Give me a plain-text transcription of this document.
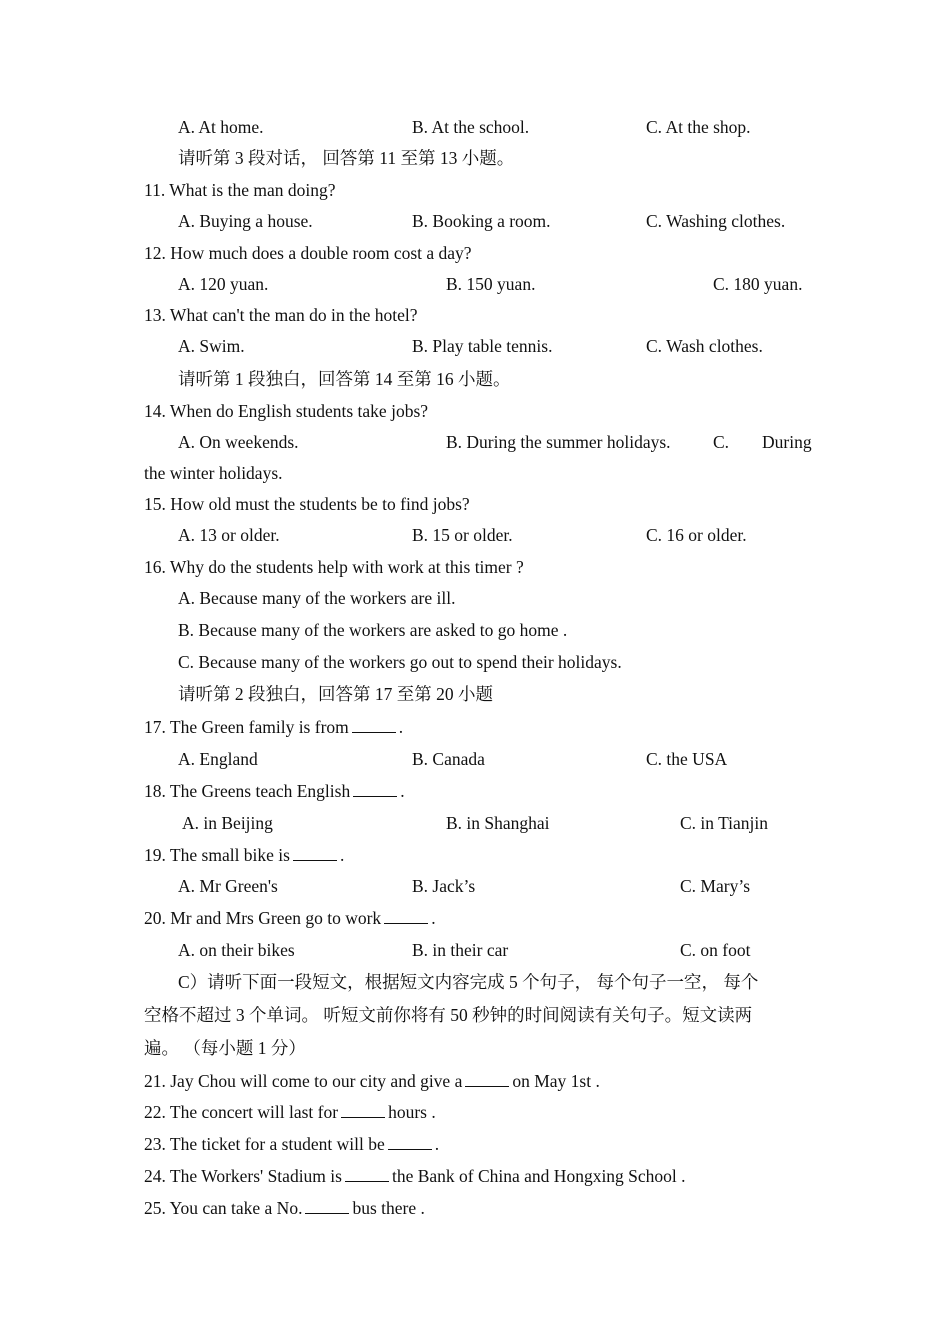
A. At home.	B. At the school.	C. At the shop.
请听第 3 段对话， 回答第 11 至第 13 小题。
11. What is the man doing?
A. Buying a house.	B. Booking a room.	C. Washing clothes.
12. How much does a double room cost a day?
A. 120 yuan.	B. 150 yuan.	C. 180 yuan.
13. What can't the man do in the hotel?
A. Swim.	B. Play table tennis.	C. Wash clothes.
请听第 1 段独白，回答第 14 至第 16 小题。
14. When do English students take jobs?
A. On weekends.	B. During the summer holidays. C. During
the winter holidays.
15. How old must the students be to find jobs?
A. 13 or older.	B. 15 or older.	C. 16 or older.
16. Why do the students help with work at this timer ?
A. Because many of the workers are ill.
B. Because many of the workers are asked to go home .
C. Because many of the workers go out to spend their holidays.
请听第 2 段独白，回答第 17 至第 20 小题
17. The Green family is from	.
A. England	B. Canada	C. the USA
18. The Greens teach English	.
A. in Beijing	B. in Shanghai	C. in Tianjin
19. The small bike is	.
A. Mr Green's	B. Jack’s	C. Mary’s
20. Mr and Mrs Green go to work	.
A. on their bikes	B. in their car	C. on foot
C）请听下面一段短文，根据短文内容完成 5 个句子， 每个句子一空， 每个
空格不超过 3 个单词。 听短文前你将有 50 秒钟的时间阅读有关句子。短文读两
遍。 （每小题 1 分）
21. Jay Chou will come to our city and give a	on May 1st .
22. The concert will last for	hours .
23. The ticket for a student will be	.
24. The Workers' Stadium is	the Bank of China and Hongxing School .
25. You can take a No.	bus there .
